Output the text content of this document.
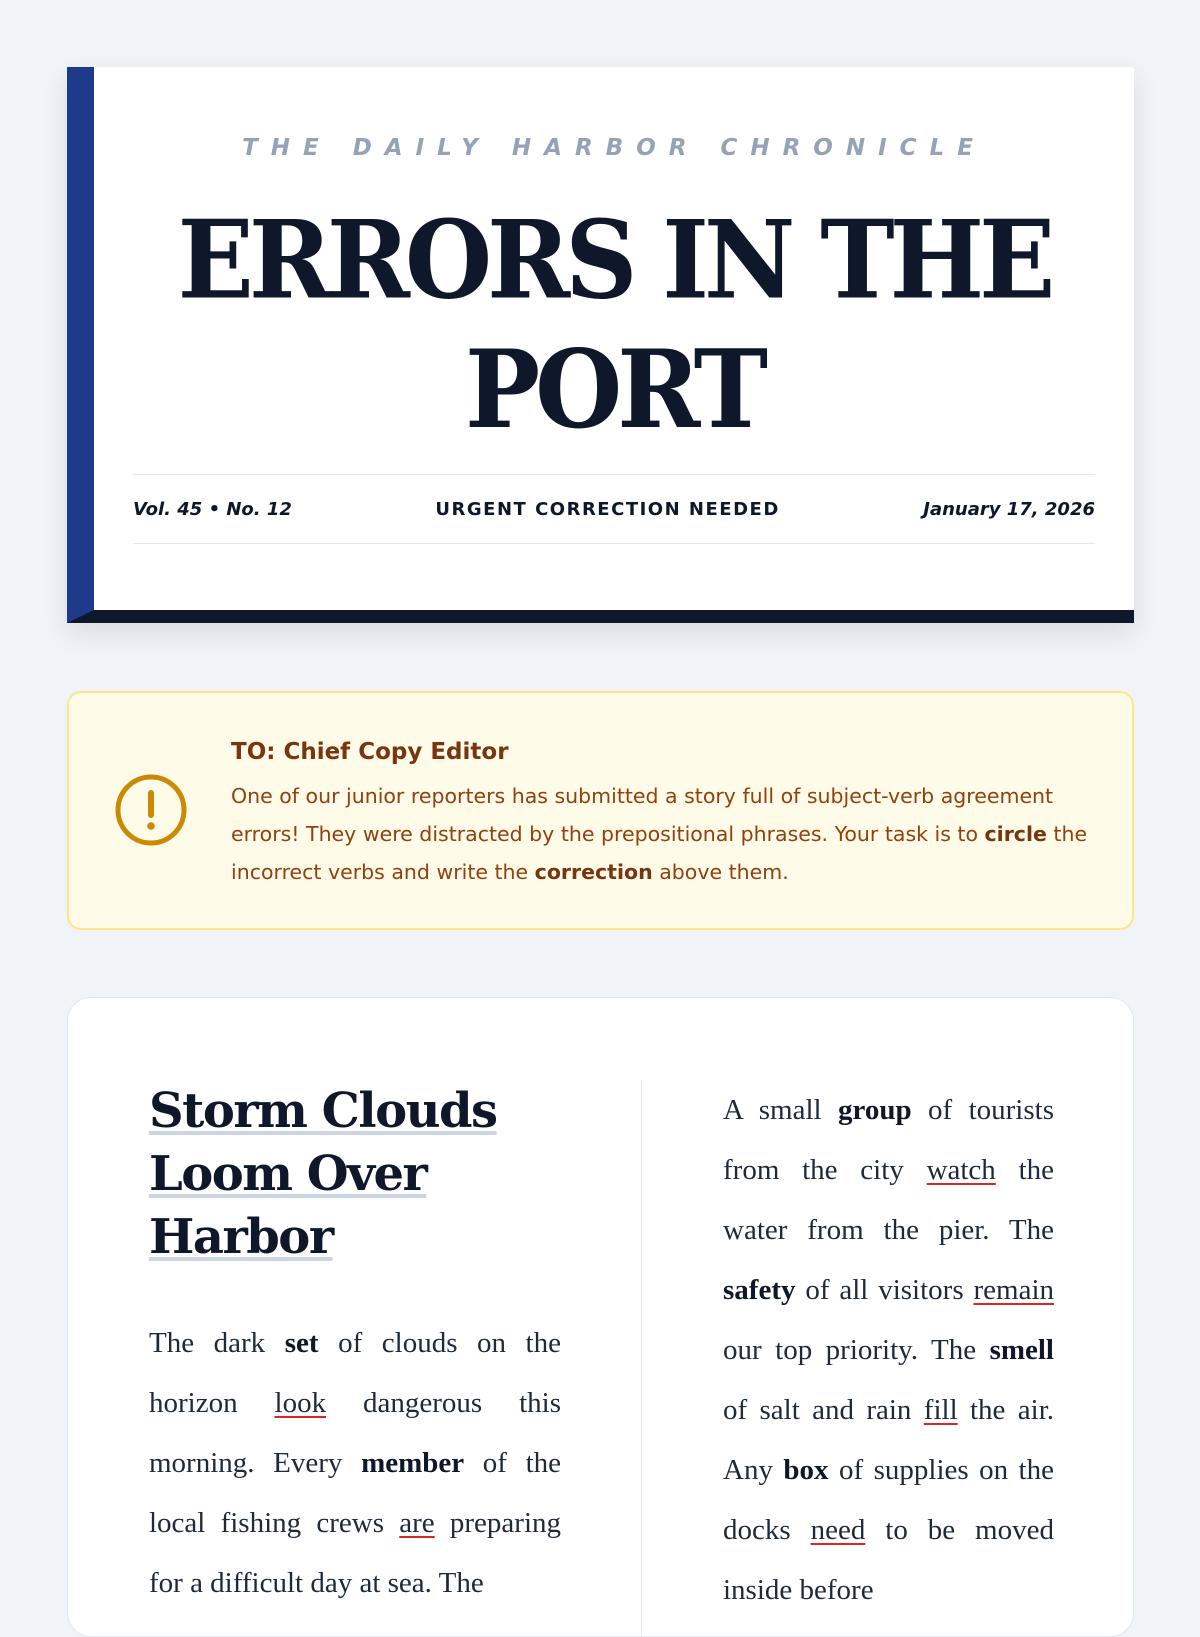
THE DAILY HARBOR CHRONICLE
ERRORS IN THE
PORT
Vol. 45 • No. 12	URGENT CORRECTION NEEDED	January 17, 2026
TO: Chief Copy Editor

One of our junior reporters has submitted a story full of subject-verb agreement errors! They were distracted by the prepositional phrases. Your task is to circle the incorrect verbs and write the correction above them.

Storm Clouds
Loom Over
Harbor

The dark set of clouds on the horizon look dangerous this morning. Every member of the local fishing crews are preparing for a difficult day at sea. The

A small group of tourists from the city watch the water from the pier. The safety of all visitors remain our top priority. The smell of salt and rain fill the air. Any box of supplies on the docks need to be moved inside before
